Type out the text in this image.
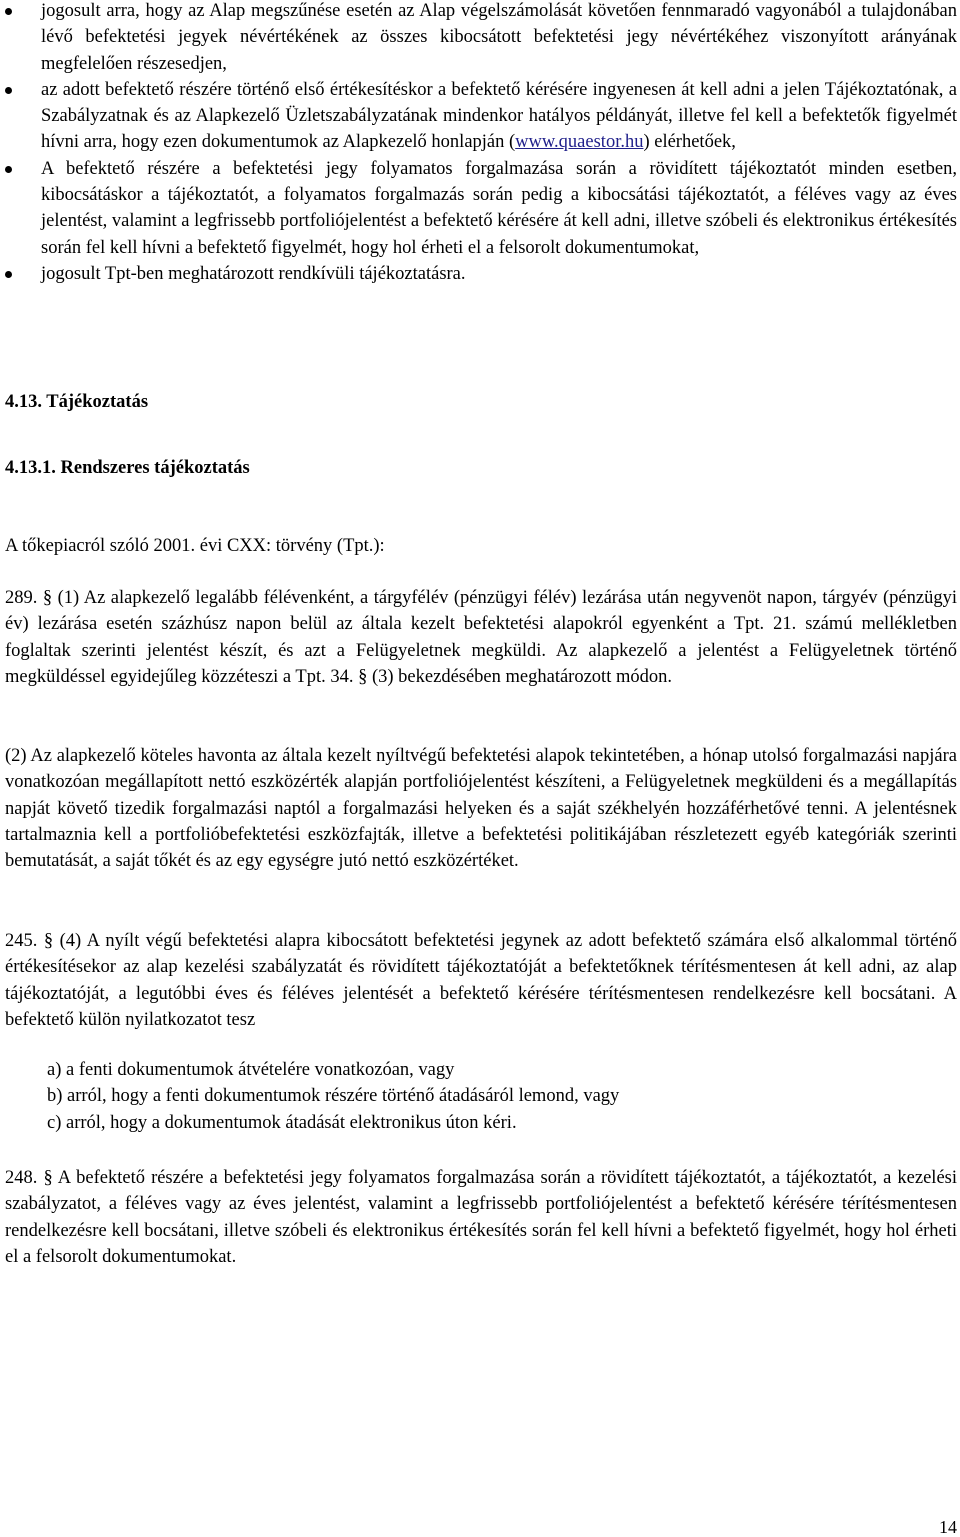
jogosult arra, hogy az Alap megszűnése esetén az Alap végelszámolását követően fennmaradó vagyonából a tulajdonában lévő befektetési jegyek névértékének az összes kibocsátott befektetési jegy névértékéhez viszonyított arányának megfelelően részesedjen,
az adott befektető részére történő első értékesítéskor a befektető kérésére ingyenesen át kell adni a jelen Tájékoztatónak, a Szabályzatnak és az Alapkezelő Üzletszabályzatának mindenkor hatályos példányát, illetve fel kell a befektetők figyelmét hívni arra, hogy ezen dokumentumok az Alapkezelő honlapján (www.quaestor.hu) elérhetőek,
A befektető részére a befektetési jegy folyamatos forgalmazása során a rövidített tájékoztatót minden esetben, kibocsátáskor a tájékoztatót, a folyamatos forgalmazás során pedig a kibocsátási tájékoztatót, a féléves vagy az éves jelentést, valamint a legfrissebb portfoliójelentést a befektető kérésére át kell adni, illetve szóbeli és elektronikus értékesítés során fel kell hívni a befektető figyelmét, hogy hol érheti el a felsorolt dokumentumokat,
jogosult Tpt-ben meghatározott rendkívüli tájékoztatásra.
4.13. Tájékoztatás
4.13.1. Rendszeres tájékoztatás

A tőkepiacról szóló 2001. évi CXX: törvény (Tpt.):

289. § (1) Az alapkezelő legalább félévenként, a tárgyfélév (pénzügyi félév) lezárása után negyvenöt napon, tárgyév (pénzügyi év) lezárása esetén százhúsz napon belül az általa kezelt befektetési alapokról egyenként a Tpt. 21. számú mellékletben foglaltak szerinti jelentést készít, és azt a Felügyeletnek megküldi. Az alapkezelő a jelentést a Felügyeletnek történő megküldéssel egyidejűleg közzéteszi a Tpt. 34. § (3) bekezdésében meghatározott módon.

(2) Az alapkezelő köteles havonta az általa kezelt nyíltvégű befektetési alapok tekintetében, a hónap utolsó forgalmazási napjára vonatkozóan megállapított nettó eszközérték alapján portfoliójelentést készíteni, a Felügyeletnek megküldeni és a megállapítás napját követő tizedik forgalmazási naptól a forgalmazási helyeken és a saját székhelyén hozzáférhetővé tenni. A jelentésnek tartalmaznia kell a portfolióbefektetési eszközfajták, illetve a befektetési politikájában részletezett egyéb kategóriák szerinti bemutatását, a saját tőkét és az egy egységre jutó nettó eszközértéket.

245. § (4) A nyílt végű befektetési alapra kibocsátott befektetési jegynek az adott befektető számára első alkalommal történő értékesítésekor az alap kezelési szabályzatát és rövidített tájékoztatóját a befektetőknek térítésmentesen át kell adni, az alap tájékoztatóját, a legutóbbi éves és féléves jelentését a befektető kérésére térítésmentesen rendelkezésre kell bocsátani. A befektető külön nyilatkozatot tesz

a) a fenti dokumentumok átvételére vonatkozóan, vagy
b) arról, hogy a fenti dokumentumok részére történő átadásáról lemond, vagy
c) arról, hogy a dokumentumok átadását elektronikus úton kéri.

248. § A befektető részére a befektetési jegy folyamatos forgalmazása során a rövidített tájékoztatót, a tájékoztatót, a kezelési szabályzatot, a féléves vagy az éves jelentést, valamint a legfrissebb portfoliójelentést a befektető kérésére térítésmentesen rendelkezésre kell bocsátani, illetve szóbeli és elektronikus értékesítés során fel kell hívni a befektető figyelmét, hogy hol érheti el a felsorolt dokumentumokat.

14
